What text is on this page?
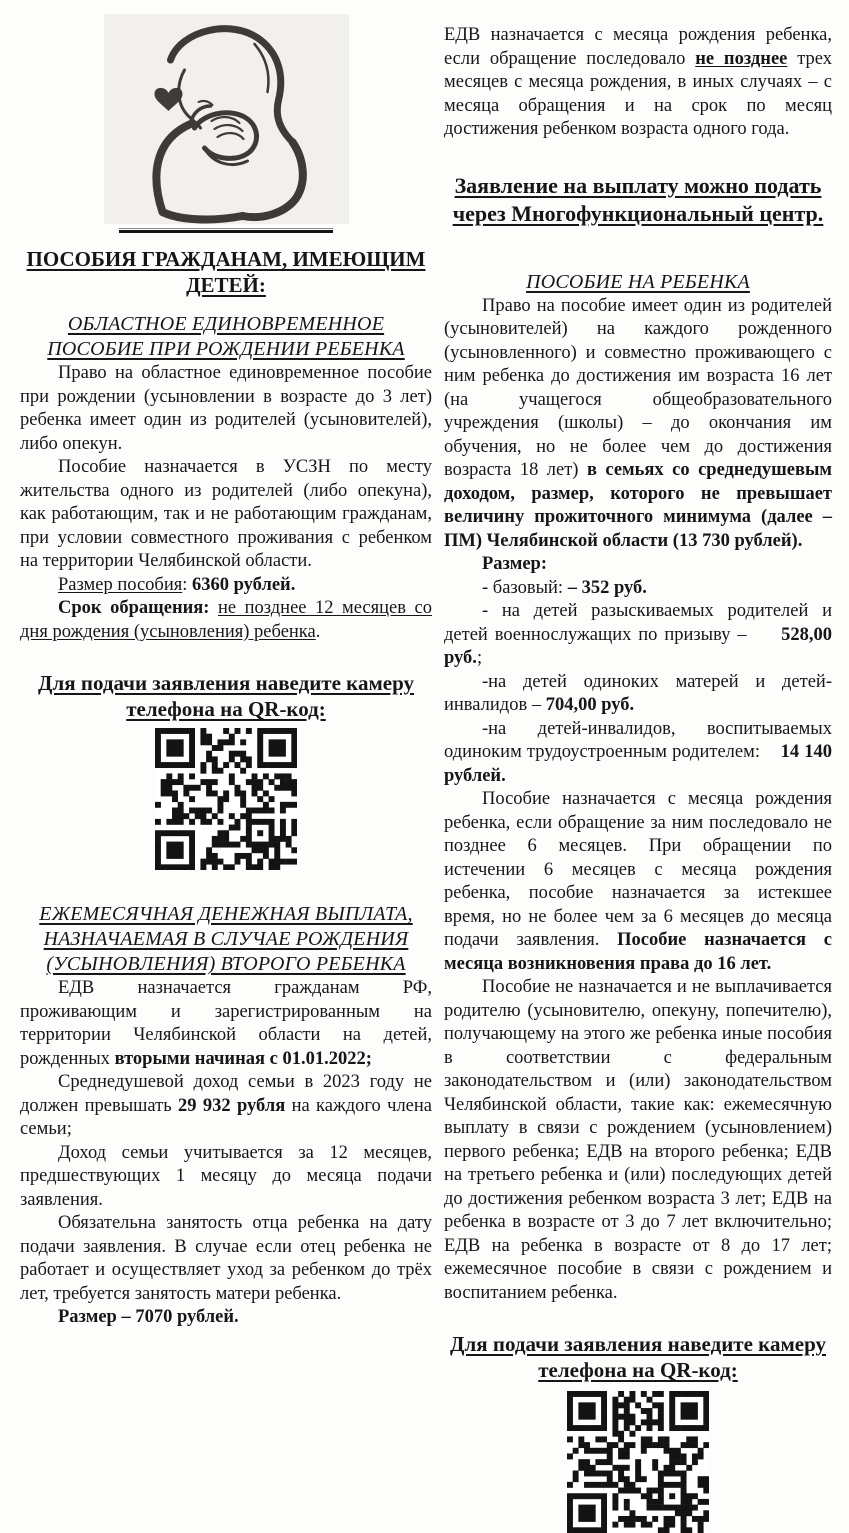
ПОСОБИЯ ГРАЖДАНАМ, ИМЕЮЩИМ ДЕТЕЙ:
ОБЛАСТНОЕ ЕДИНОВРЕМЕННОЕ ПОСОБИЕ ПРИ РОЖДЕНИИ РЕБЕНКА

Право на областное единовременное пособие при рождении (усыновлении в возрасте до 3 лет) ребенка имеет один из родителей (усыновителей), либо опекун.

Пособие назначается в УСЗН по месту жительства одного из родителей (либо опекуна), как работающим, так и не работающим гражданам, при условии совместного проживания с ребенком на территории Челябинской области.

Размер пособия: 6360 рублей.

Срок обращения: не позднее 12 месяцев со дня рождения (усыновления) ребенка.

Для подачи заявления наведите камеру телефона на QR-код:

ЕЖЕМЕСЯЧНАЯ ДЕНЕЖНАЯ ВЫПЛАТА, НАЗНАЧАЕМАЯ В СЛУЧАЕ РОЖДЕНИЯ (УСЫНОВЛЕНИЯ) ВТОРОГО РЕБЕНКА

ЕДВ назначается гражданам РФ, проживающим и зарегистрированным на территории Челябинской области на детей, рожденных вторыми начиная с 01.01.2022;

Среднедушевой доход семьи в 2023 году не должен превышать 29 932 рубля на каждого члена семьи;

Доход семьи учитывается за 12 месяцев, предшествующих 1 месяцу до месяца подачи заявления.

Обязательна занятость отца ребенка на дату подачи заявления. В случае если отец ребенка не работает и осуществляет уход за ребенком до трёх лет, требуется занятость матери ребенка.

Размер – 7070 рублей.

ЕДВ назначается с месяца рождения ребенка, если обращение последовало не позднее трех месяцев с месяца рождения, в иных случаях – с месяца обращения и на срок по месяц достижения ребенком возраста одного года.

Заявление на выплату можно подать через Многофункциональный центр.

ПОСОБИЕ НА РЕБЕНКА

Право на пособие имеет один из родителей (усыновителей) на каждого рожденного (усыновленного) и совместно проживающего с ним ребенка до достижения им возраста 16 лет (на учащегося общеобразовательного учреждения (школы) – до окончания им обучения, но не более чем до достижения возраста 18 лет) в семьях со среднедушевым доходом, размер, которого не превышает величину прожиточного минимума (далее – ПМ) Челябинской области (13 730 рублей).

Размер:

- базовый: – 352 руб.

- на детей разыскиваемых родителей и детей военнослужащих по призыву –     528,00 руб.;

-на детей одиноких матерей и детей-инвалидов – 704,00 руб.

-на детей-инвалидов, воспитываемых одиноким трудоустроенным родителем:    14 140 рублей.

Пособие назначается с месяца рождения ребенка, если обращение за ним последовало не позднее 6 месяцев. При обращении по истечении 6 месяцев с месяца рождения ребенка, пособие назначается за истекшее время, но не более чем за 6 месяцев до месяца подачи заявления. Пособие назначается с месяца возникновения права до 16 лет.

Пособие не назначается и не выплачивается родителю (усыновителю, опекуну, попечителю), получающему на этого же ребенка иные пособия в соответствии с федеральным законодательством и (или) законодательством Челябинской области, такие как: ежемесячную выплату в связи с рождением (усыновлением) первого ребенка; ЕДВ на второго ребенка; ЕДВ на третьего ребенка и (или) последующих детей до достижения ребенком возраста 3 лет; ЕДВ на ребенка в возрасте от 3 до 7 лет включительно; ЕДВ на ребенка в возрасте от 8 до 17 лет; ежемесячное пособие в связи с рождением и воспитанием ребенка.

Для подачи заявления наведите камеру телефона на QR-код:
